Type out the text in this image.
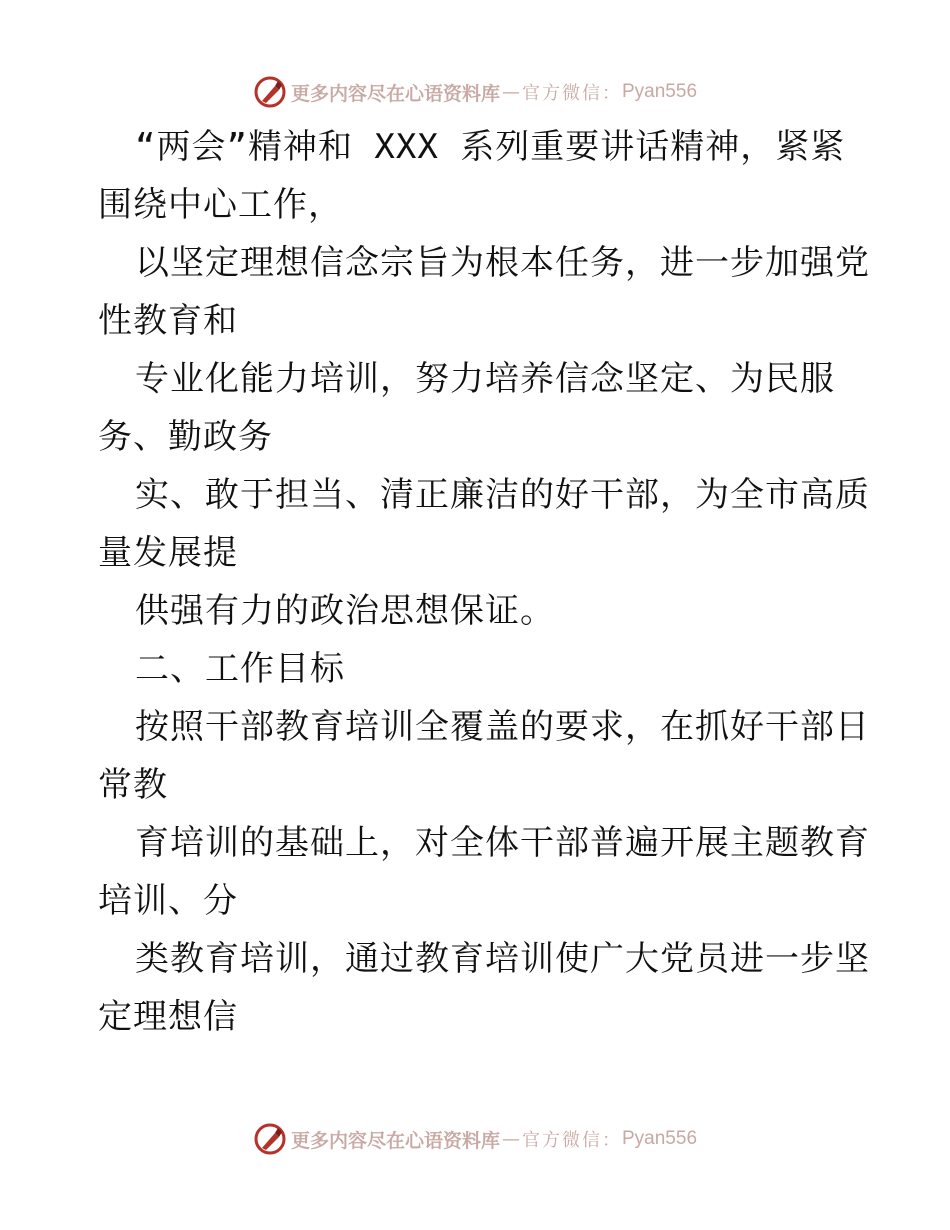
更多内容尽在心语资料库 — 官方微信： Pyan556
“两会”精神和 XXX 系列重要讲话精神，紧紧
围绕中心工作，
以坚定理想信念宗旨为根本任务，进一步加强党
性教育和
专业化能力培训，努力培养信念坚定、为民服
务、勤政务
实、敢于担当、清正廉洁的好干部，为全市高质
量发展提
供强有力的政治思想保证。
二、工作目标
按照干部教育培训全覆盖的要求，在抓好干部日
常教
育培训的基础上，对全体干部普遍开展主题教育
培训、分
类教育培训，通过教育培训使广大党员进一步坚
定理想信
更多内容尽在心语资料库 — 官方微信： Pyan556
